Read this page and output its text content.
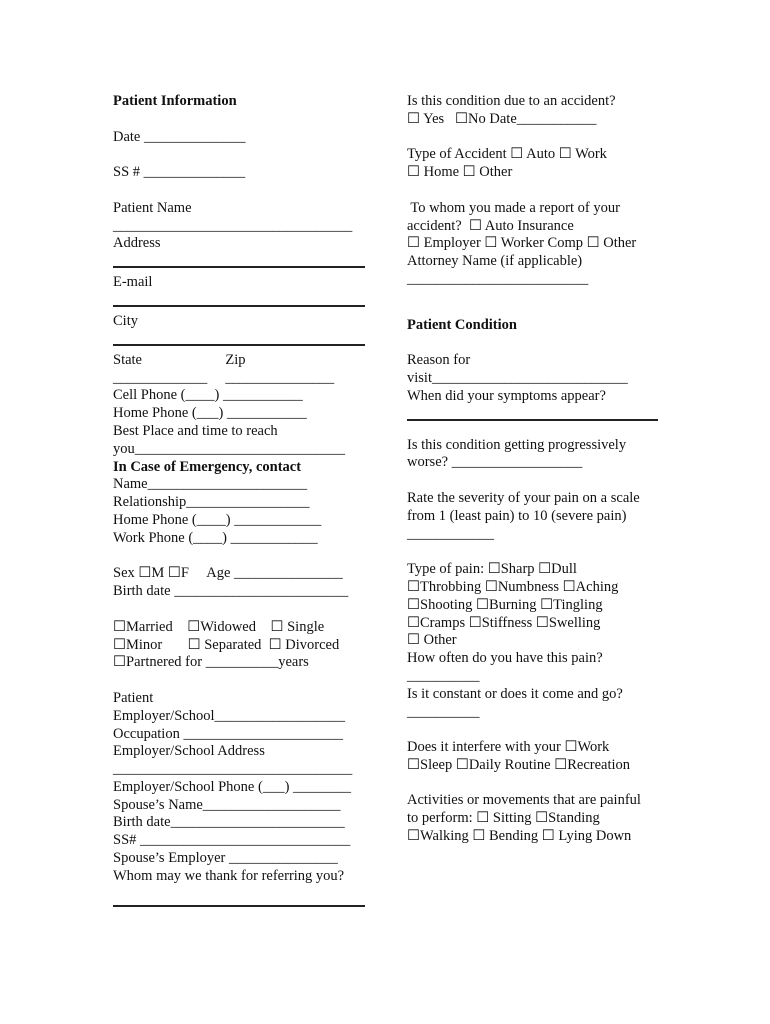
Patient Information
Date ______________
SS # ______________
Patient Name
_________________________________
Address
E-mail
City
State                       Zip
_____________     _______________
Cell Phone (____) ___________
Home Phone (___) ___________
Best Place and time to reach
you_____________________________
In Case of Emergency, contact
Name______________________
Relationship_________________
Home Phone (____) ____________
Work Phone (____) ____________
Sex ☐M ☐F     Age _______________
Birth date ________________________
☐Married    ☐Widowed    ☐ Single
☐Minor       ☐ Separated  ☐ Divorced
☐Partnered for __________years
Patient
Employer/School__________________
Occupation ______________________
Employer/School Address
_________________________________
Employer/School Phone (___) ________
Spouse’s Name___________________
Birth date________________________
SS# _____________________________
Spouse’s Employer _______________
Whom may we thank for referring you?
Is this condition due to an accident?
☐ Yes   ☐No Date___________
Type of Accident ☐ Auto ☐ Work
☐ Home ☐ Other
To whom you made a report of your
accident?  ☐ Auto Insurance
☐ Employer ☐ Worker Comp ☐ Other
Attorney Name (if applicable)
_________________________
Patient Condition
Reason for
visit___________________________
When did your symptoms appear?
Is this condition getting progressively
worse? __________________
Rate the severity of your pain on a scale
from 1 (least pain) to 10 (severe pain)
____________
Type of pain: ☐Sharp ☐Dull
☐Throbbing ☐Numbness ☐Aching
☐Shooting ☐Burning ☐Tingling
☐Cramps ☐Stiffness ☐Swelling
☐ Other
How often do you have this pain?
__________
Is it constant or does it come and go?
__________
Does it interfere with your ☐Work
☐Sleep ☐Daily Routine ☐Recreation
Activities or movements that are painful
to perform: ☐ Sitting ☐Standing
☐Walking ☐ Bending ☐ Lying Down
